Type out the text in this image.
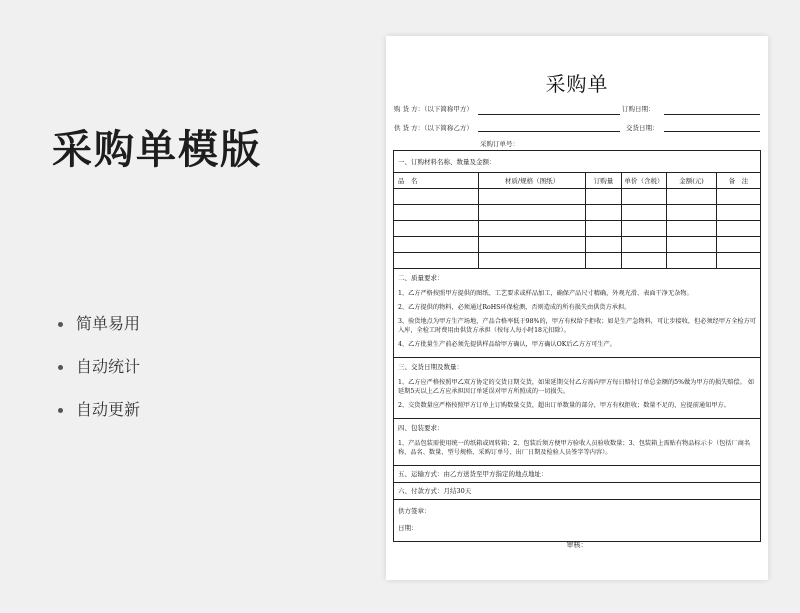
采购单模版
简单易用
自动统计
自动更新
采购单
购 货 方：（以下简称甲方）	订购日期：
供 货 方：（以下简称乙方）	交货日期：
采购订单号：
一、订购材料名称、数量及金额：
品　名	材质/规格（图纸）	订购量	单价（含税）	金额(元)	备　注
二、质量要求：
1、乙方严格按照甲方提供的图纸、工艺要求或样品加工，确保产品尺寸精确，外观光滑、表面干净无杂物。
2、乙方提供的物料，必须通过RoHS环保检测，否则造成的所有损失由供货方承担。
3、验货地点为甲方生产场地，产品合格率低于98%的，甲方有权给予拒收；如是生产急物料，可让步接收，但必须经甲方全检方可入库，全检工时费用由供货方承担（按每人每小时18元扣除）。
4、乙方批量生产前必须先提供样品给甲方确认，甲方确认OK后乙方方可生产。
三、交货日期及数量：
1、乙方应严格按照甲乙双方协定的交货日期交货，如果延期交付乙方需向甲方每日赔付订单总金额的5%做为甲方的损失赔偿。 如延期5天以上乙方应承担因订单延误对甲方所照成的一切损失。
2、交货数量应严格按照甲方订单上订购数量交货，超出订单数量的部分，甲方有权拒收；数量不足的，应提前通知甲方。
四、包装要求：
1、产品包装需使用统一的纸箱或周转箱；2、包装后须方便甲方验收人员验收数量；3、包装箱上需贴有物品标示卡（包括厂商名称、品名、数量、型号规格、采购订单号、出厂日期及检验人员签字等内容）。
五、运输方式：由乙方送货至甲方指定的地点地址：
六、付款方式：月结30天
供方签章：
日期：
审核：
